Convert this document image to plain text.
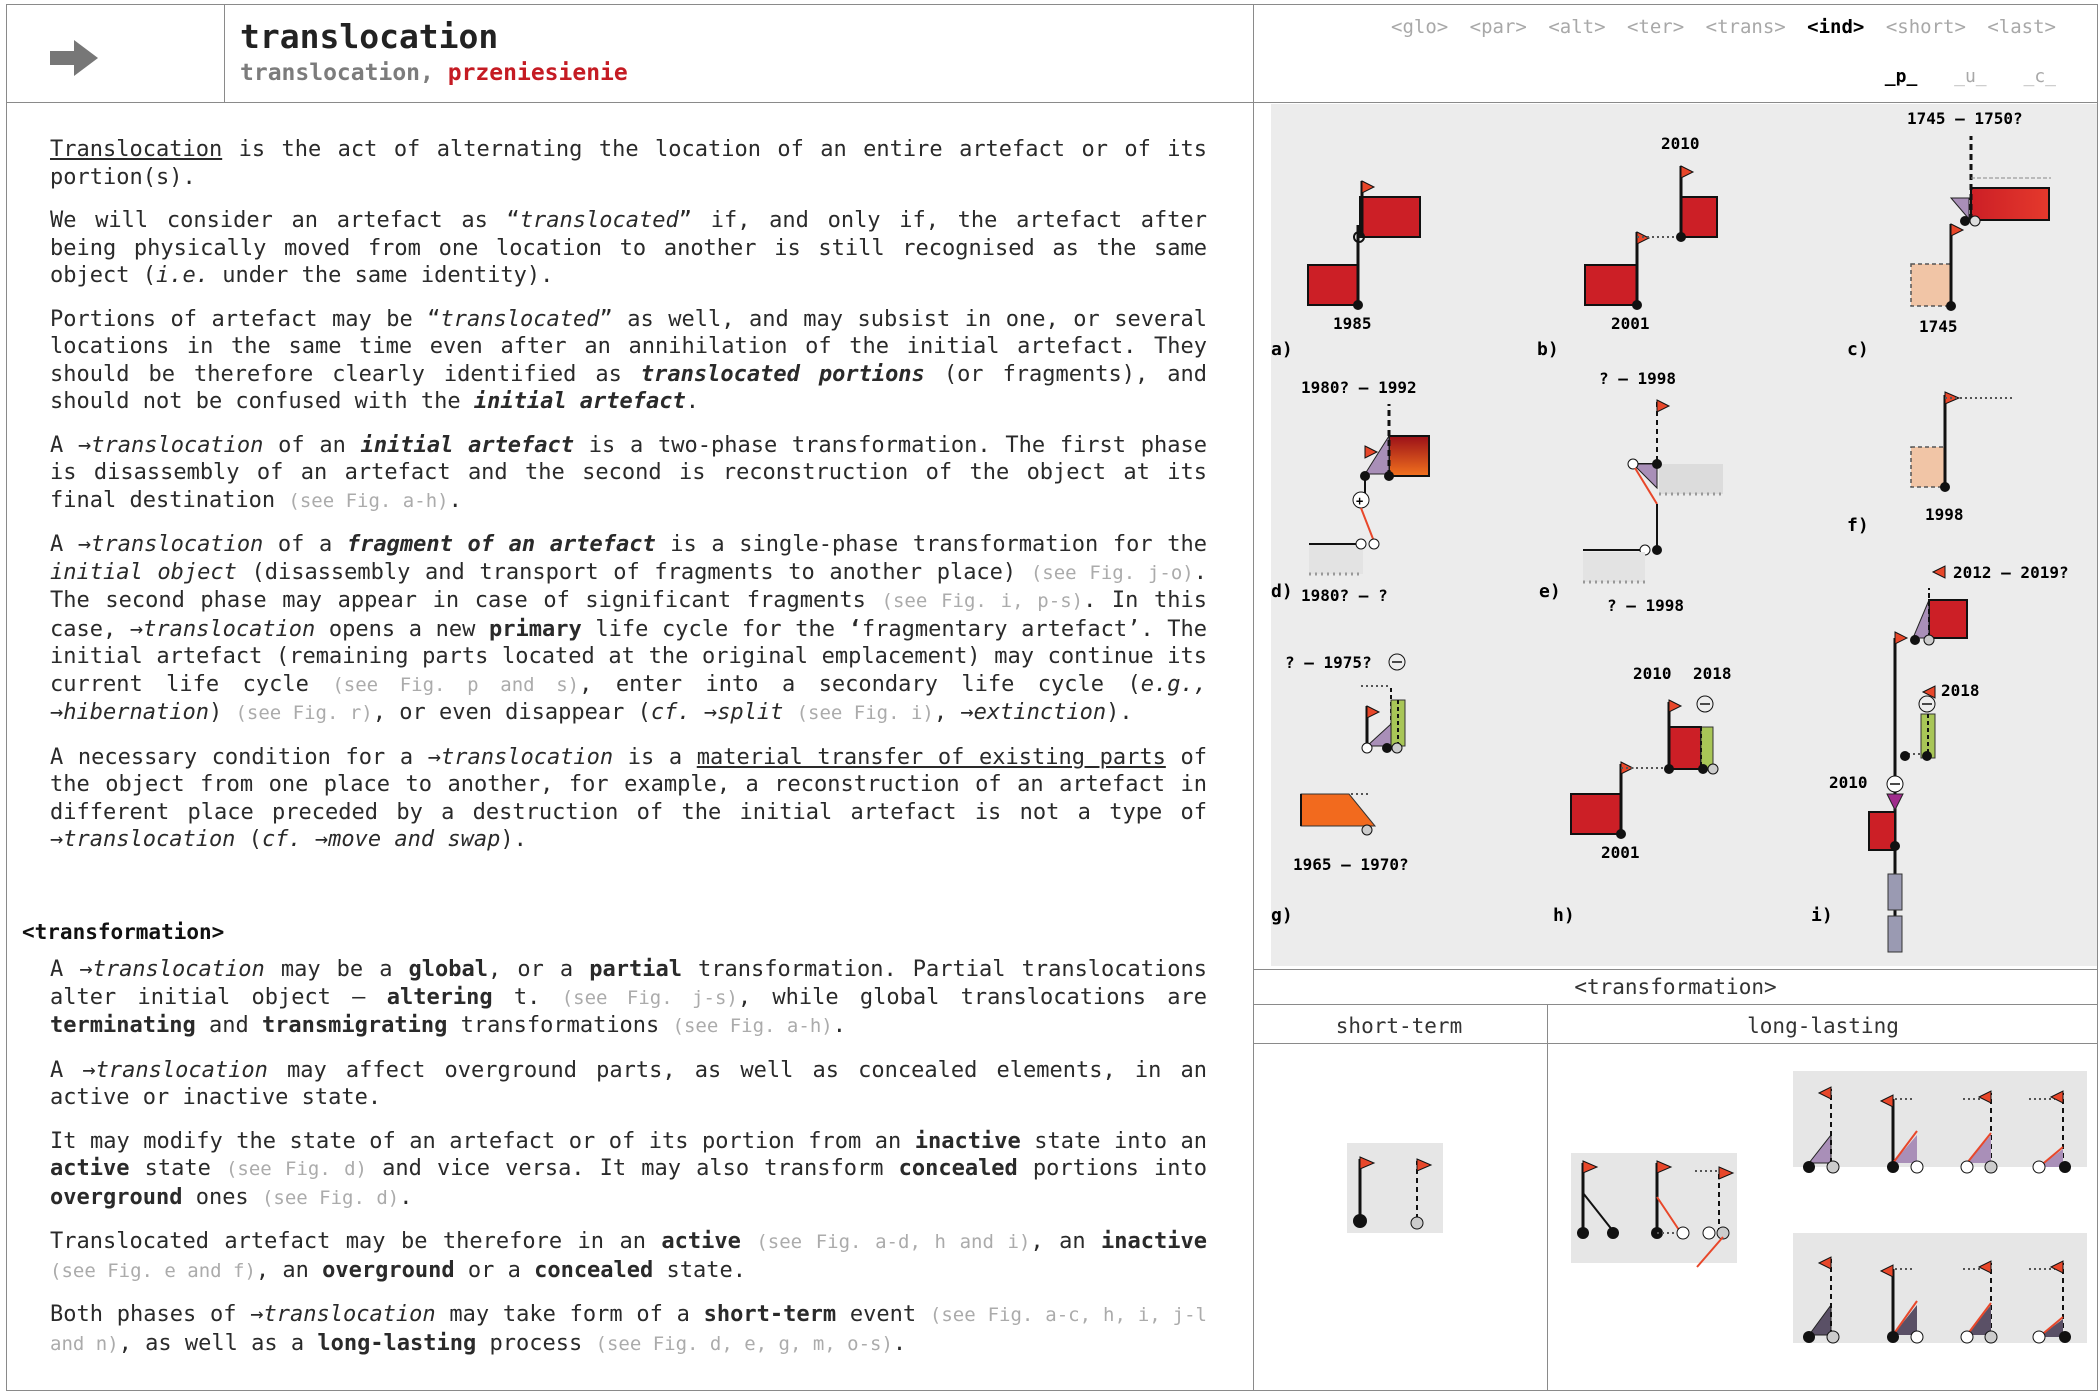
translocation
translocation, przeniesienie
<glo> <par> <alt> <ter> <trans> <ind> <short> <last>
_p_ _u_ _c_

Translocation is the act of alternating the location of an entire artefact or of its portion(s).

We will consider an artefact as “translocated” if, and only if, the artefact after being physically moved from one location to another is still recognised as the same object (i.e. under the same identity).

Portions of artefact may be “translocated” as well, and may subsist in one, or several locations in the same time even after an annihilation of the initial artefact. They should be therefore clearly identified as translocated portions (or fragments), and should not be confused with the initial artefact.

A →translocation of an initial artefact is a two-phase transformation. The first phase is disassembly of an artefact and the second is reconstruction of the object at its final destination (see Fig. a-h).

A →translocation of a fragment of an artefact is a single-phase transformation for the initial object (disassembly and transport of fragments to another place) (see Fig. j-o). The second phase may appear in case of significant fragments (see Fig. i, p-s). In this case, →translocation opens a new primary life cycle for the ‘fragmentary artefact’. The initial artefact (remaining parts located at the original emplacement) may continue its current life cycle (see Fig. p and s), enter into a secondary life cycle (e.g., →hibernation) (see Fig. r), or even disappear (cf. →split (see Fig. i), →extinction).

A necessary condition for a →translocation is a material transfer of existing parts of the object from one place to another, for example, a reconstruction of an artefact in different place preceded by a destruction of the initial artefact is not a type of →translocation (cf. →move and swap).

<transformation>

A →translocation may be a global, or a partial transformation. Partial translocations alter initial object – altering t. (see Fig. j-s), while global translocations are terminating and transmigrating transformations (see Fig. a-h).

A →translocation may affect overground parts, as well as concealed elements, in an active or inactive state.

It may modify the state of an artefact or of its portion from an inactive state into an active state (see Fig. d) and vice versa. It may also transform concealed portions into overground ones (see Fig. d).

Translocated artefact may be therefore in an active (see Fig. a-d, h and i), an inactive (see Fig. e and f), an overground or a concealed state.

Both phases of →translocation may take form of a short-term event (see Fig. a-c, h, i, j-l and n), as well as a long-lasting process (see Fig. d, e, g, m, o-s).

1985
a)
2010
2001
b)
1745 – 1750?
1745
c)
1980? – 1992
+
1980? – ?
d)
? – 1998
? – 1998
e)
1998
f)
? – 1975?
1965 – 1970?
g)
2010 2018
2001
h)
2012 – 2019?
2018
2010
i)
<transformation>
short-term	long-lasting
